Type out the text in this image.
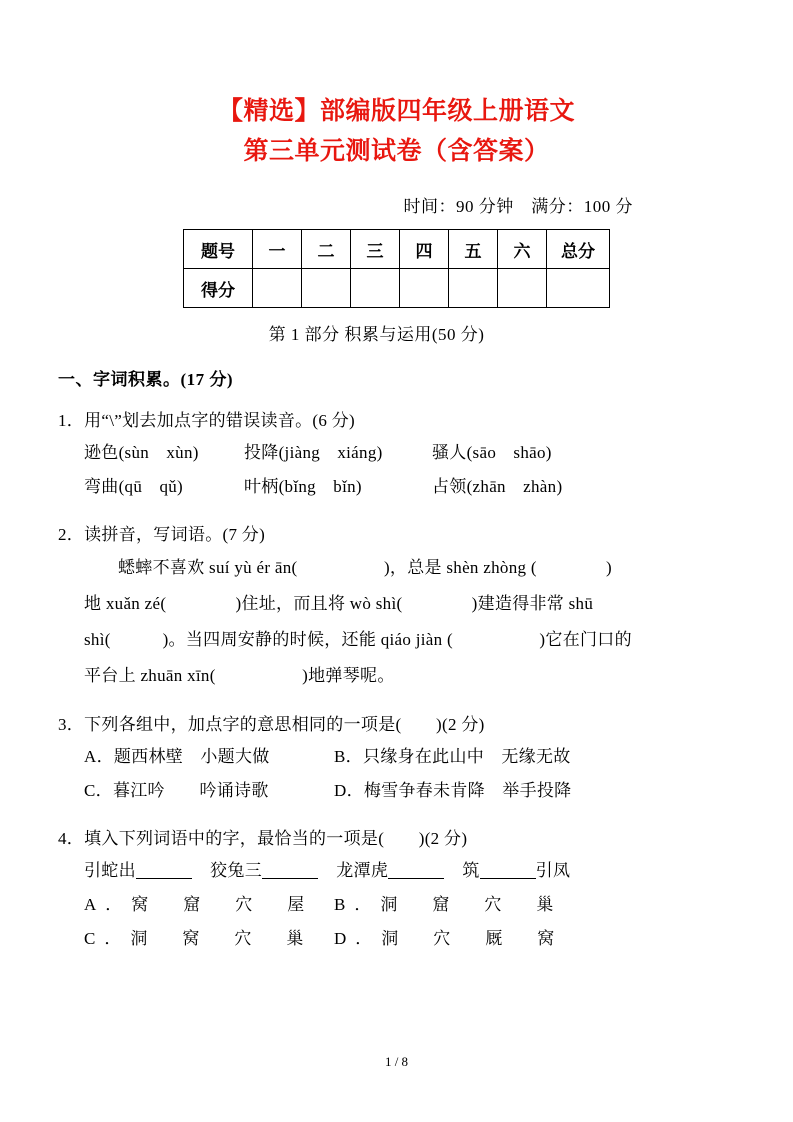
【精选】部编版四年级上册语文
第三单元测试卷（含答案）
时间：90 分钟　满分：100 分
题号	一	二	三	四	五	六	总分
得分							
第 1 部分 积累与运用(50 分)
一、字词积累。(17 分)
1．用“\”划去加点字的错误读音。(6 分)
逊色(sùn　xùn)	投降(jiàng　xiáng)	骚人(sāo　shāo)
弯曲(qū　qǔ)	叶柄(bǐng　bǐn)	占领(zhān　zhàn)
2．读拼音，写词语。(7 分)
蟋蟀不喜欢 suí yù ér ān(　　　　　)，总是 shèn zhòng (　　　　)
地 xuǎn zé(　　　　)住址，而且将 wò shì(　　　　)建造得非常 shū
shì(　　　)。当四周安静的时候，还能 qiáo jiàn (　　　　　)它在门口的
平台上 zhuān xīn(　　　　　)地弹琴呢。
3．下列各组中，加点字的意思相同的一项是(　　)(2 分)
A．题西林壁　小题大做	B．只缘身在此山中　无缘无故
C．暮江吟　　吟诵诗歌	D．梅雪争春未肯降　举手投降
4．填入下列词语中的字，最恰当的一项是(　　)(2 分)
引蛇出	狡兔三	龙潭虎	筑	引凤
A．窝　窟　穴　屋	B．洞　窟　穴　巢
C．洞　窝　穴　巢	D．洞　穴　厩　窝
1 / 8
